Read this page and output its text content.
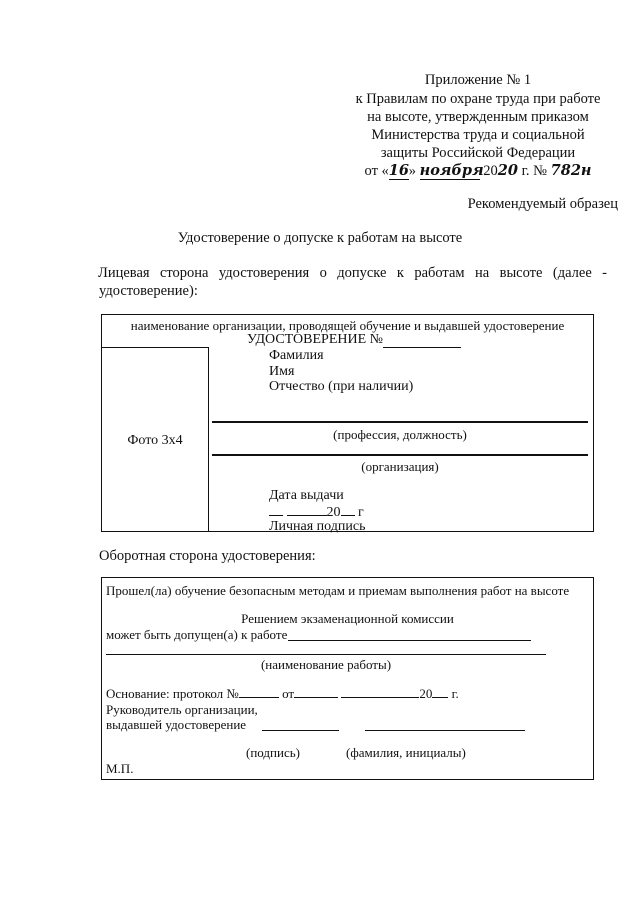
Приложение № 1
к Правилам по охране труда при работе
на высоте, утвержденным приказом
Министерства труда и социальной
защиты Российской Федерации
от «16» ноября 2020 г. № 782н
Рекомендуемый образец
Удостоверение о допуске к работам на высоте
Лицевая сторона удостоверения о допуске к работам на высоте (далее - удостоверение):
наименование организации, проводящей обучение и выдавшей удостоверение
УДОСТОВЕРЕНИЕ №
Фото 3х4
Фамилия
Имя
Отчество (при наличии)
(профессия, должность)
(организация)
Дата выдачи
20 г
Личная подпись
Оборотная сторона удостоверения:
Прошел(ла) обучение безопасным методам и приемам выполнения работ на высоте
Решением экзаменационной комиссии
может быть допущен(а) к работе
(наименование работы)
Основание: протокол №	от	20 г.
Руководитель организации,
выдавшей удостоверение
(подпись)	(фамилия, инициалы)
М.П.
